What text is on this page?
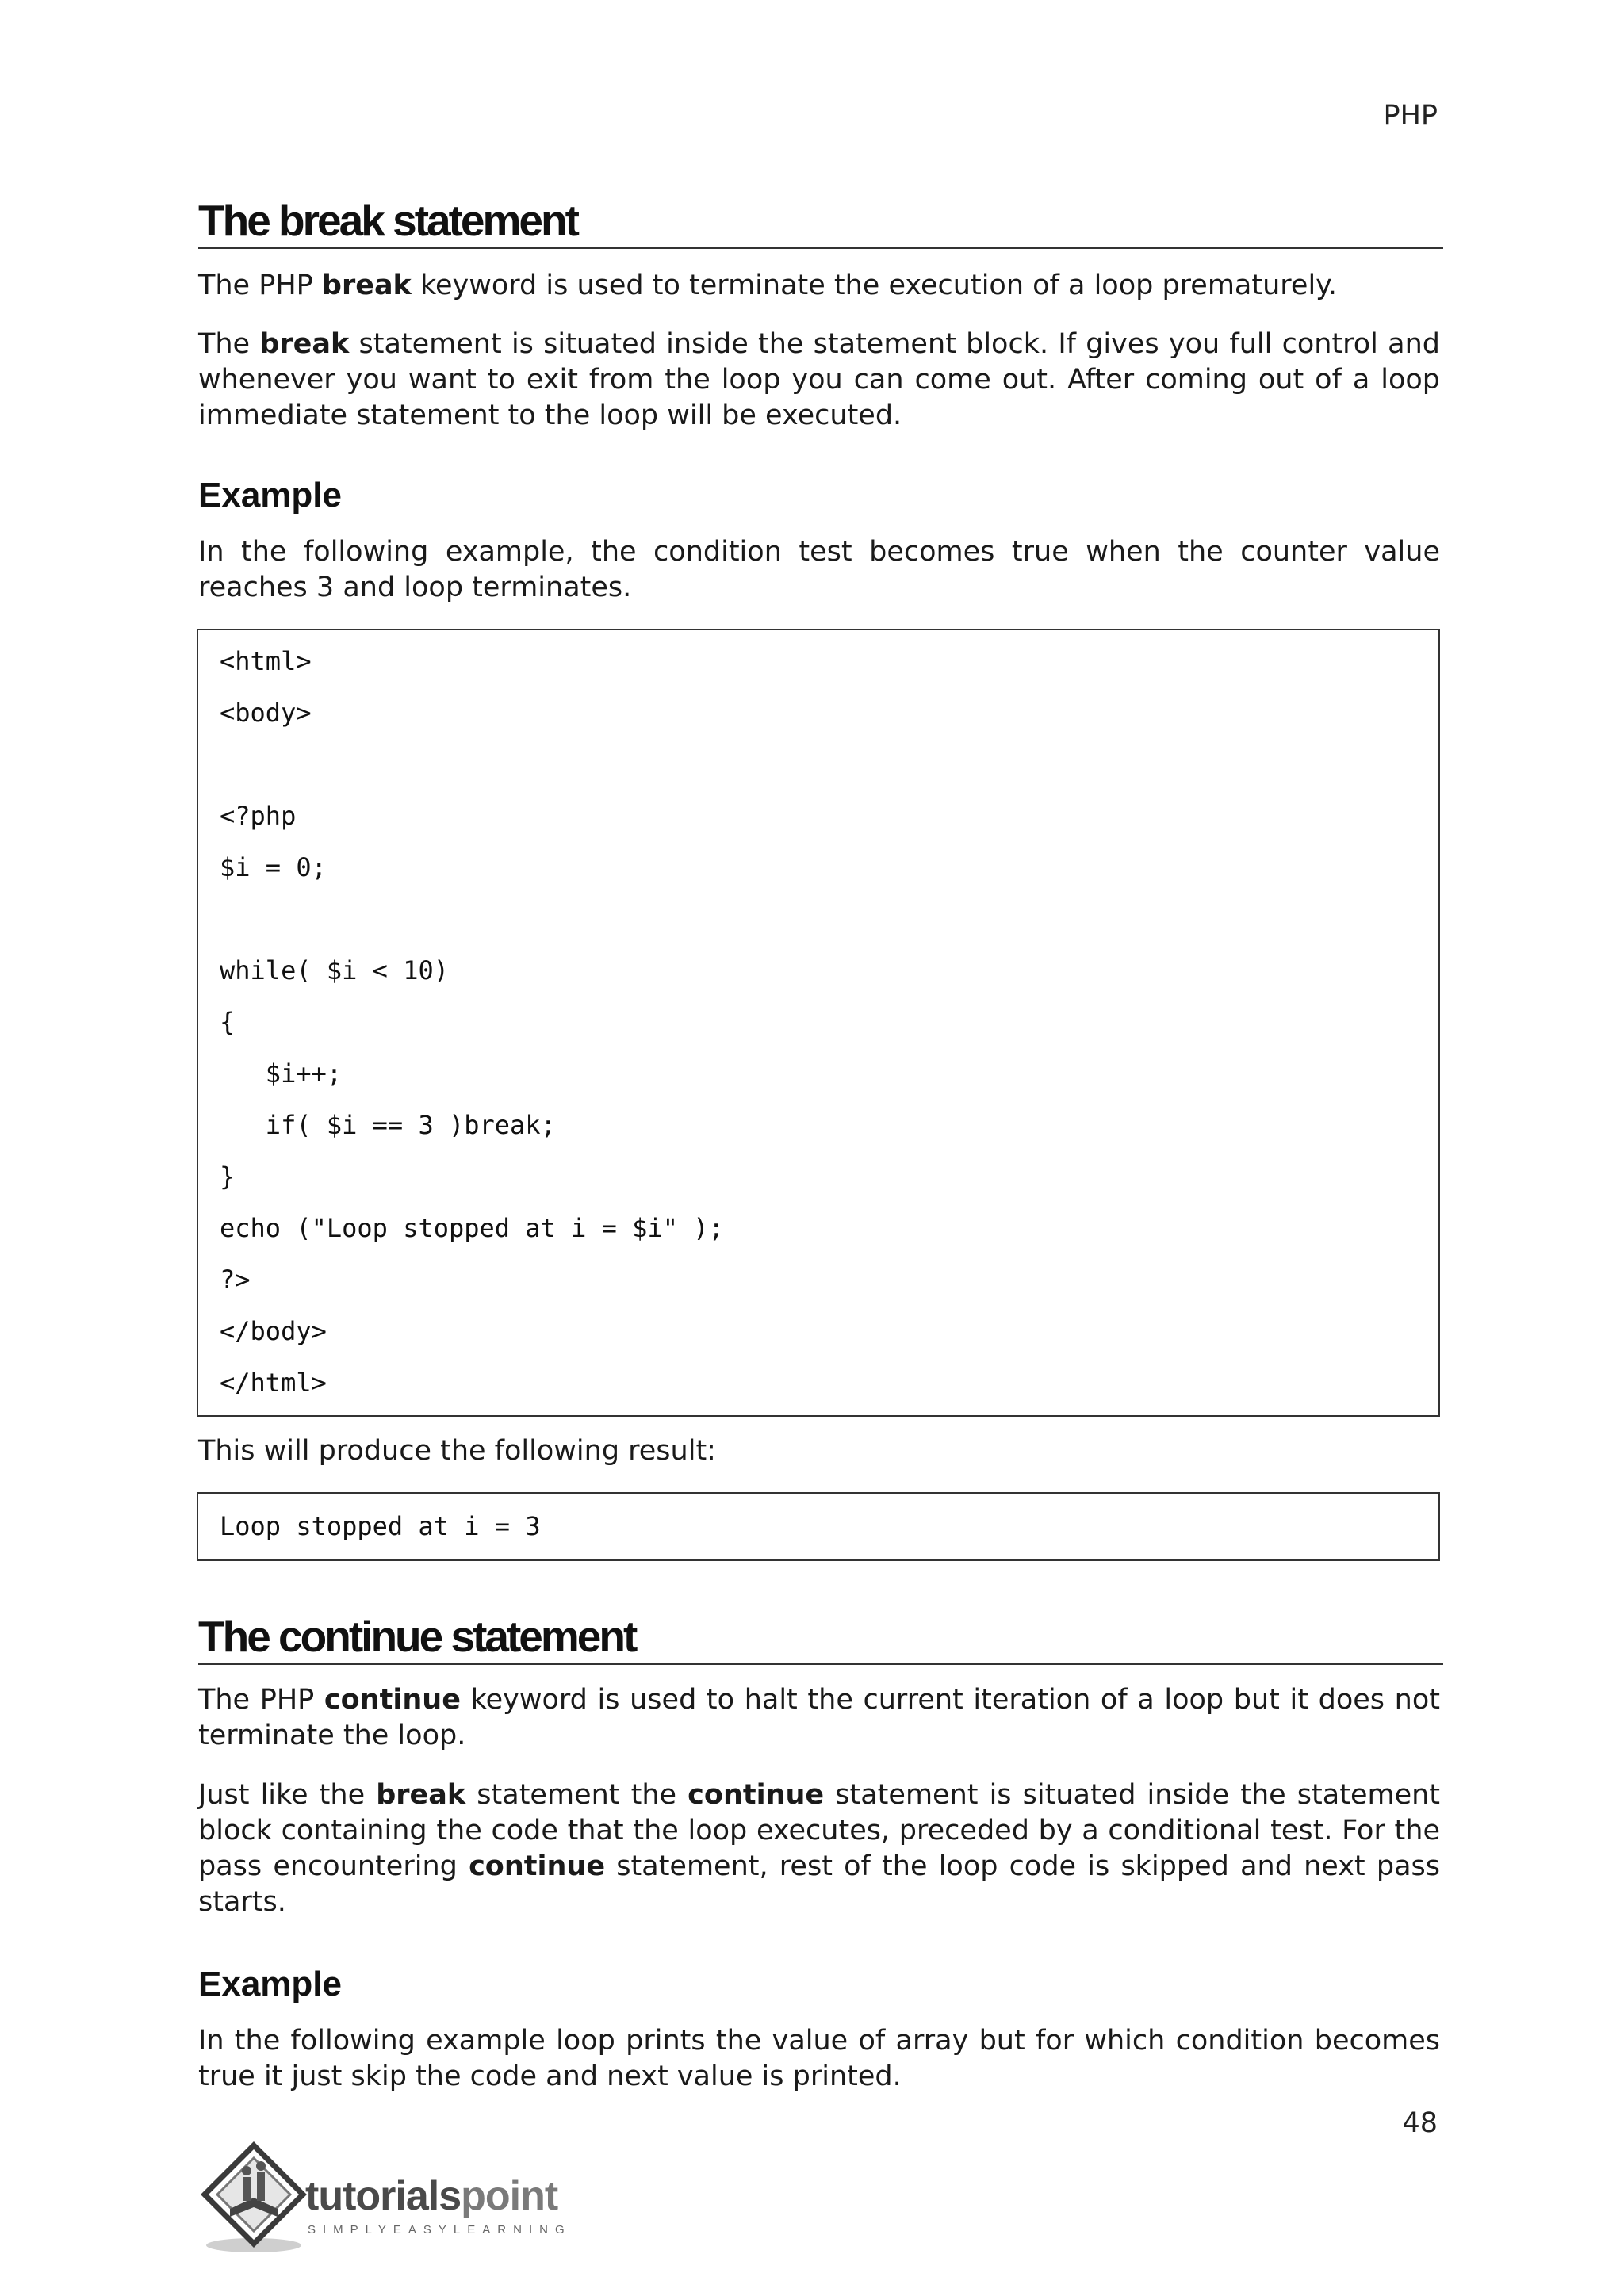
PHP
The break statement

The PHP break keyword is used to terminate the execution of a loop prematurely.

The break statement is situated inside the statement block. If gives you full control and whenever you want to exit from the loop you can come out. After coming out of a loop immediate statement to the loop will be executed.

Example

In the following example, the condition test becomes true when the counter value reaches 3 and loop terminates.

<html>
<body>
<?php
$i = 0;
while( $i < 10)
{
$i++;
if( $i == 3 )break;
}
echo ("Loop stopped at i = $i" );
?>
</body>
</html>

This will produce the following result:

Loop stopped at i = 3
The continue statement

The PHP continue keyword is used to halt the current iteration of a loop but it does not terminate the loop.

Just like the break statement the continue statement is situated inside the statement block containing the code that the loop executes, preceded by a conditional test. For the pass encountering continue statement, rest of the loop code is skipped and next pass starts.

Example

In the following example loop prints the value of array but for which condition becomes true it just skip the code and next value is printed.

48
tutorialspoint
SIMPLYEASYLEARNING
